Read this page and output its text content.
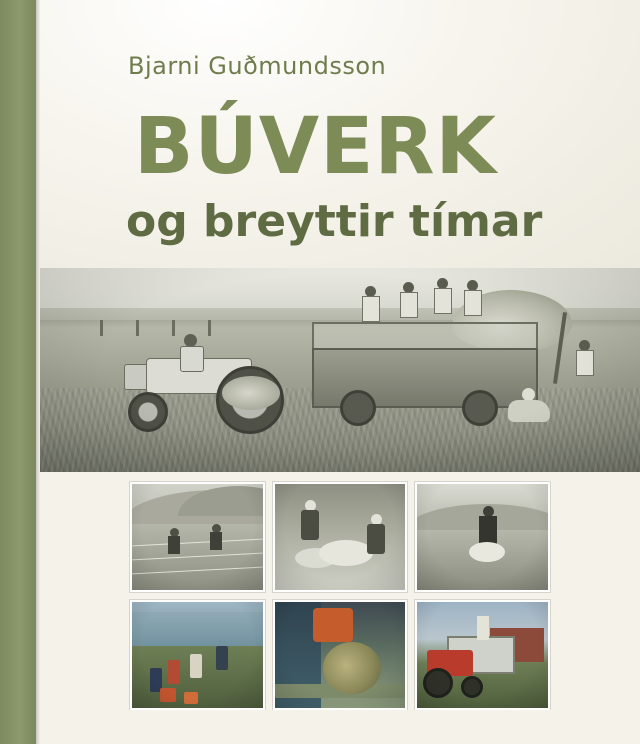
Bjarni Guðmundsson
BÚVERK
og breyttir tímar
